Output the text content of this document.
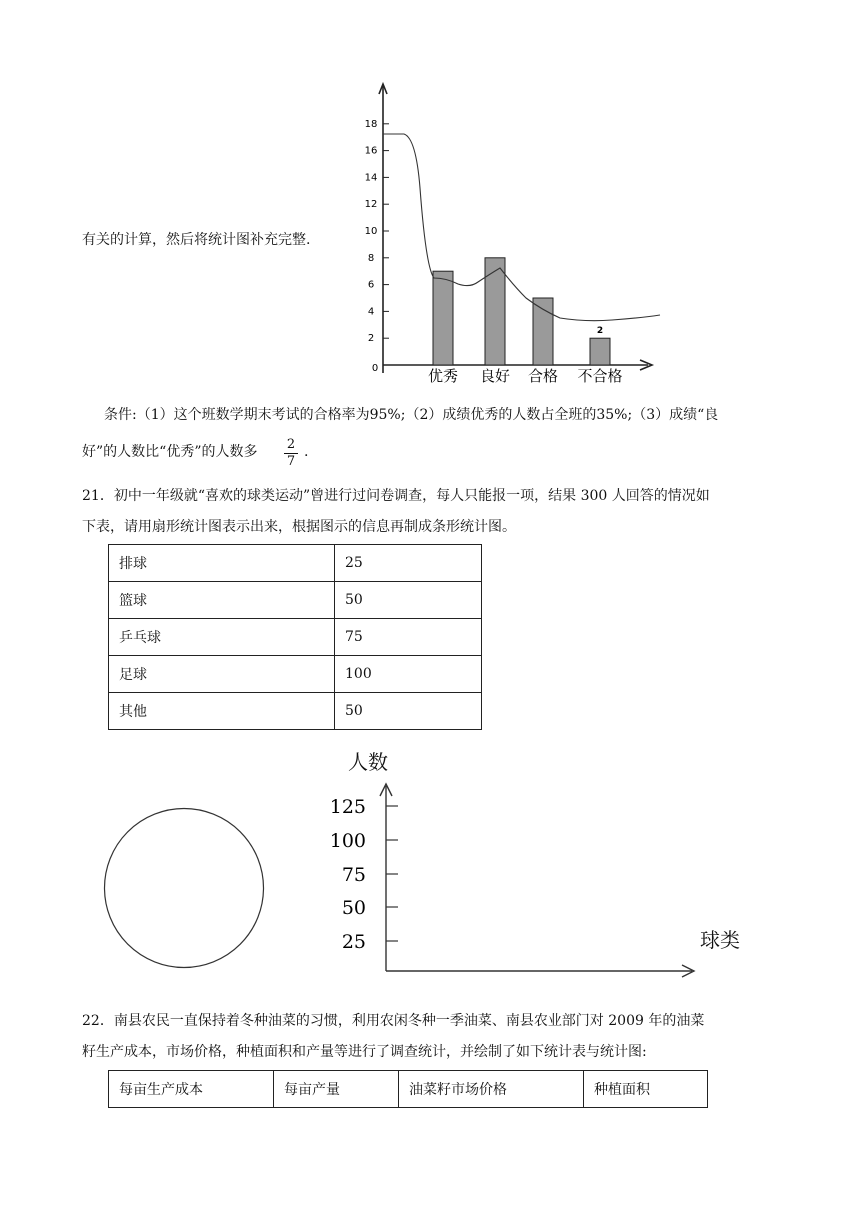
有关的计算，然后将统计图补充完整.
2
4
6
8
10
12
14
16
18
0
2
优秀 良好 合格 不合格
条件:（1）这个班数学期末考试的合格率为95%;（2）成绩优秀的人数占全班的35%;（3）成绩“良
好”的人数比“优秀”的人数多 2
7
.
21．初中一年级就“喜欢的球类运动”曾进行过问卷调查，每人只能报一项，结果 300 人回答的情况如
下表，请用扇形统计图表示出来，根据图示的信息再制成条形统计图。
排球	25
篮球	50
乒乓球	75
足球	100
其他	50
人数
球类
125
100
75
50
25
22．南县农民一直保持着冬种油菜的习惯，利用农闲冬种一季油菜、南县农业部门对 2009 年的油菜
籽生产成本，市场价格，种植面积和产量等进行了调查统计，并绘制了如下统计表与统计图:
每亩生产成本	每亩产量	油菜籽市场价格	种植面积
